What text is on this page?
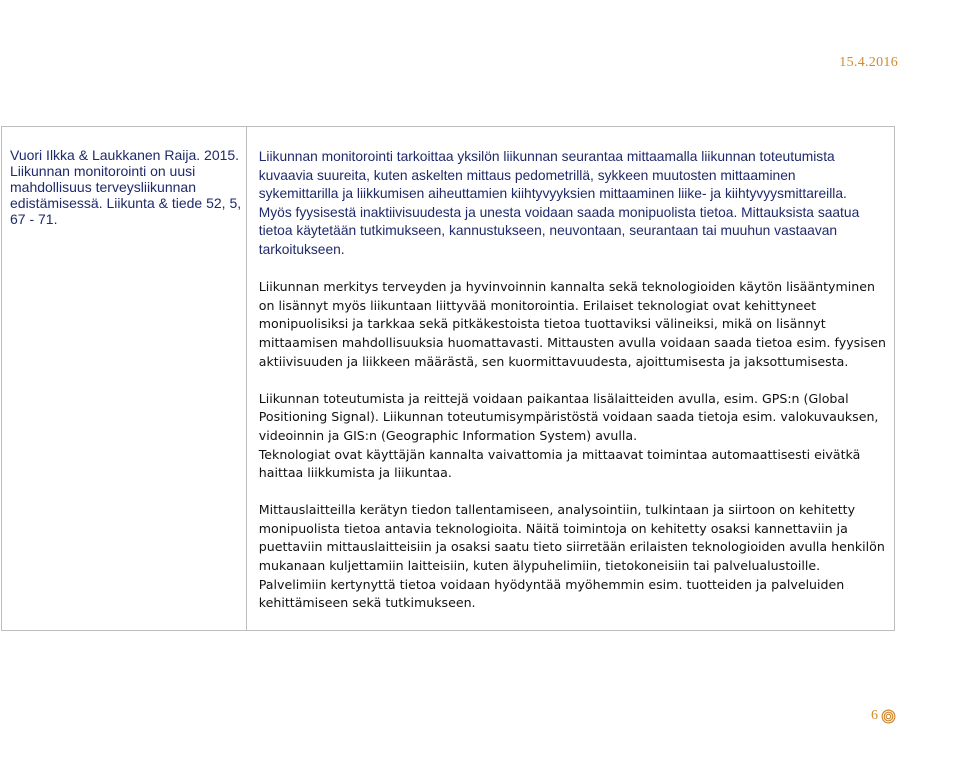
15.4.2016
Vuori Ilkka & Laukkanen Raija. 2015.
Liikunnan monitorointi on uusi
mahdollisuus terveysliikunnan
edistämisessä. Liikunta & tiede 52, 5,
67 - 71.

Liikunnan monitorointi tarkoittaa yksilön liikunnan seurantaa mittaamalla liikunnan toteutumista
kuvaavia suureita, kuten askelten mittaus pedometrillä, sykkeen muutosten mittaaminen
sykemittarilla ja liikkumisen aiheuttamien kiihtyvyyksien mittaaminen liike- ja kiihtyvyysmittareilla.
Myös fyysisestä inaktiivisuudesta ja unesta voidaan saada monipuolista tietoa. Mittauksista saatua
tietoa käytetään tutkimukseen, kannustukseen, neuvontaan, seurantaan tai muuhun vastaavan
tarkoitukseen.

Liikunnan merkitys terveyden ja hyvinvoinnin kannalta sekä teknologioiden käytön lisääntyminen
on lisännyt myös liikuntaan liittyvää monitorointia. Erilaiset teknologiat ovat kehittyneet
monipuolisiksi ja tarkkaa sekä pitkäkestoista tietoa tuottaviksi välineiksi, mikä on lisännyt
mittaamisen mahdollisuuksia huomattavasti. Mittausten avulla voidaan saada tietoa esim. fyysisen
aktiivisuuden ja liikkeen määrästä, sen kuormittavuudesta, ajoittumisesta ja jaksottumisesta.

Liikunnan toteutumista ja reittejä voidaan paikantaa lisälaitteiden avulla, esim. GPS:n (Global
Positioning Signal). Liikunnan toteutumisympäristöstä voidaan saada tietoja esim. valokuvauksen,
videoinnin ja GIS:n (Geographic Information System) avulla.
Teknologiat ovat käyttäjän kannalta vaivattomia ja mittaavat toimintaa automaattisesti eivätkä
haittaa liikkumista ja liikuntaa.

Mittauslaitteilla kerätyn tiedon tallentamiseen, analysointiin, tulkintaan ja siirtoon on kehitetty
monipuolista tietoa antavia teknologioita. Näitä toimintoja on kehitetty osaksi kannettaviin ja
puettaviin mittauslaitteisiin ja osaksi saatu tieto siirretään erilaisten teknologioiden avulla henkilön
mukanaan kuljettamiin laitteisiin, kuten älypuhelimiin, tietokoneisiin tai palvelualustoille.
Palvelimiin kertynyttä tietoa voidaan hyödyntää myöhemmin esim. tuotteiden ja palveluiden
kehittämiseen sekä tutkimukseen.

6
